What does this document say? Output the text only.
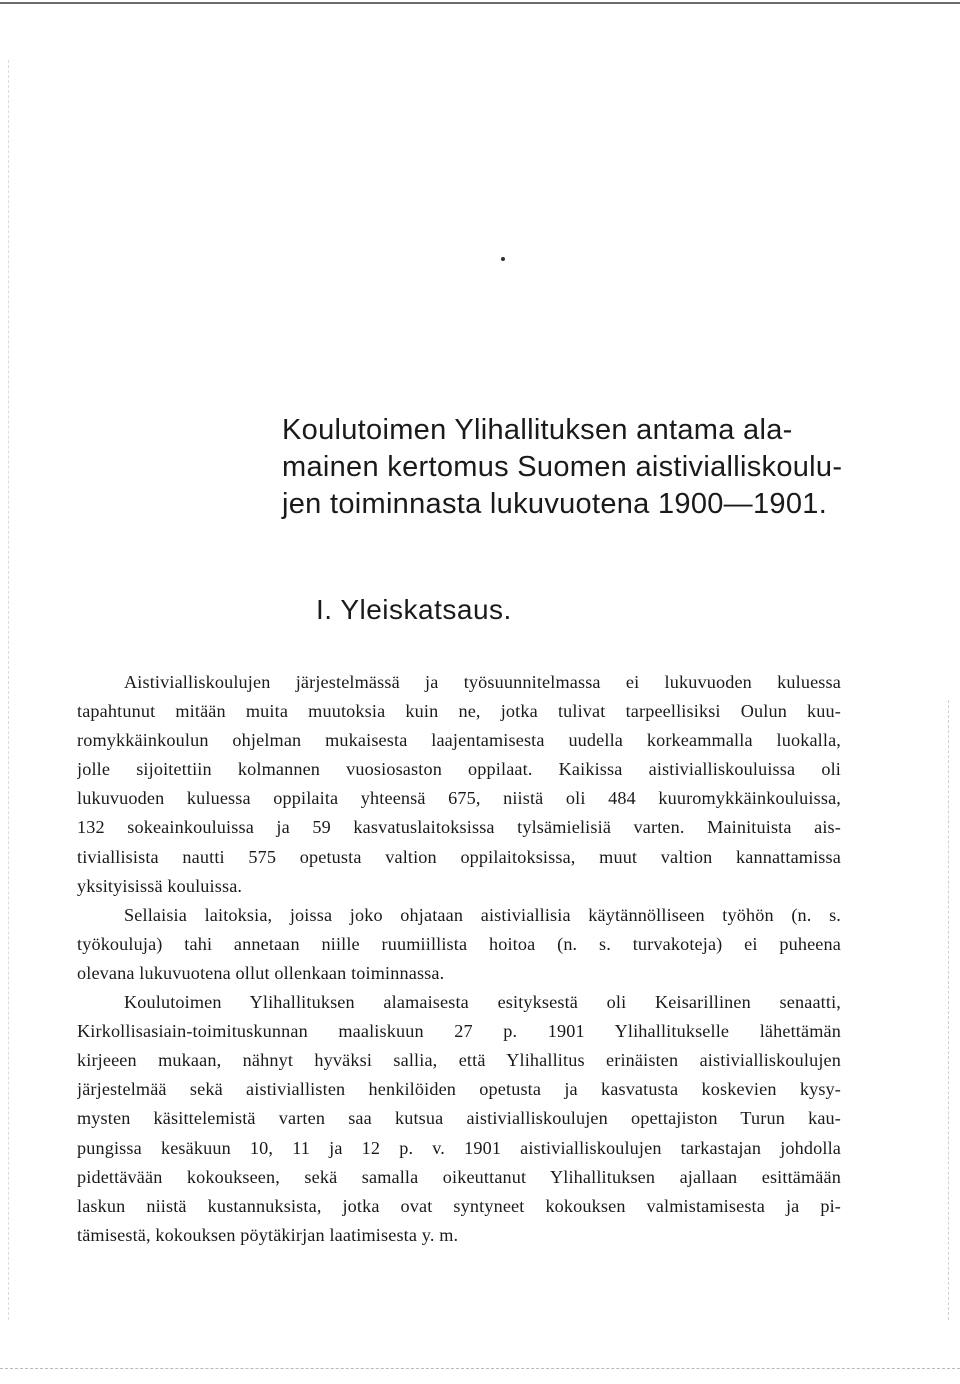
Koulutoimen Ylihallituksen antama ala-
mainen kertomus Suomen aistivialliskoulu-
jen toiminnasta lukuvuotena 1900—1901.
I. Yleiskatsaus.

Aistivialliskoulujen järjestelmässä ja työsuunnitelmassa ei lukuvuoden kuluessa
tapahtunut mitään muita muutoksia kuin ne, jotka tulivat tarpeellisiksi Oulun kuu-
romykkäinkoulun ohjelman mukaisesta laajentamisesta uudella korkeammalla luokalla,
jolle sijoitettiin kolmannen vuosiosaston oppilaat. Kaikissa aistivialliskouluissa oli
lukuvuoden kuluessa oppilaita yhteensä 675, niistä oli 484 kuuromykkäinkouluissa,
132 sokeainkouluissa ja 59 kasvatuslaitoksissa tylsämielisiä varten. Mainituista ais-
tiviallisista nautti 575 opetusta valtion oppilaitoksissa, muut valtion kannattamissa
yksityisissä kouluissa.

Sellaisia laitoksia, joissa joko ohjataan aistiviallisia käytännölliseen työhön (n. s.
työkouluja) tahi annetaan niille ruumiillista hoitoa (n. s. turvakoteja) ei puheena
olevana lukuvuotena ollut ollenkaan toiminnassa.

Koulutoimen Ylihallituksen alamaisesta esityksestä oli Keisarillinen senaatti,
Kirkollisasiain-toimituskunnan maaliskuun 27 p. 1901 Ylihallitukselle lähettämän
kirjeeen mukaan, nähnyt hyväksi sallia, että Ylihallitus erinäisten aistivialliskoulujen
järjestelmää sekä aistiviallisten henkilöiden opetusta ja kasvatusta koskevien kysy-
mysten käsittelemistä varten saa kutsua aistivialliskoulujen opettajiston Turun kau-
pungissa kesäkuun 10, 11 ja 12 p. v. 1901 aistivialliskoulujen tarkastajan johdolla
pidettävään kokoukseen, sekä samalla oikeuttanut Ylihallituksen ajallaan esittämään
laskun niistä kustannuksista, jotka ovat syntyneet kokouksen valmistamisesta ja pi-
tämisestä, kokouksen pöytäkirjan laatimisesta y. m.
